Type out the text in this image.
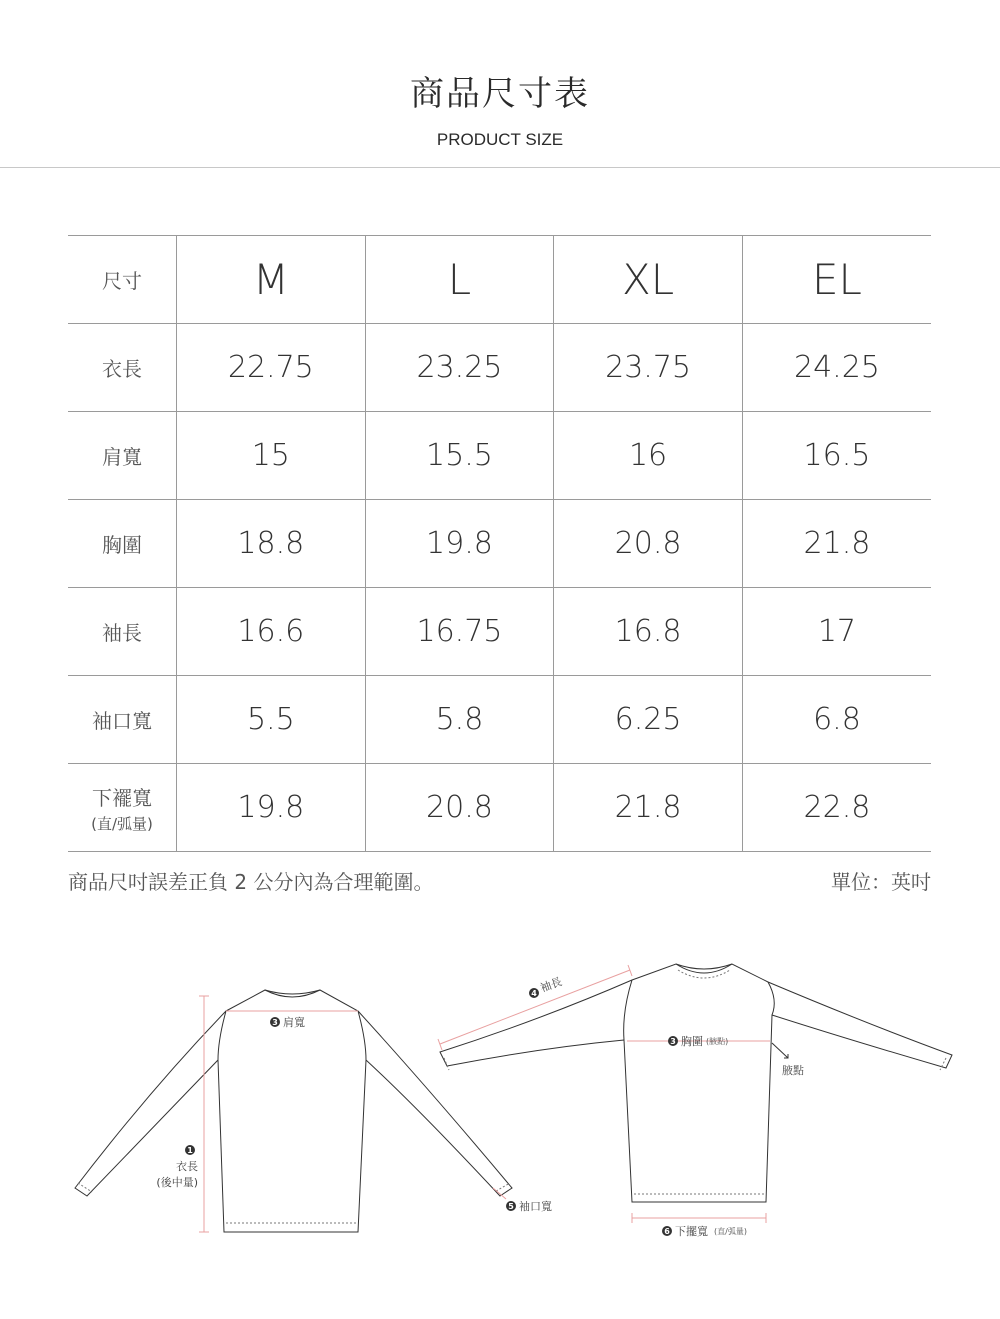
商品尺寸表
PRODUCT SIZE
尺寸	M	L	XL	EL
衣長	22.75	23.25	23.75	24.25
肩寬	15	15.5	16	16.5
胸圍	18.8	19.8	20.8	21.8
袖長	16.6	16.75	16.8	17
袖口寬	5.5	5.8	6.25	6.8
下襬寬
(直/弧量)	19.8	20.8	21.8	22.8
商品尺吋誤差正負 2 公分內為合理範圍。	單位：英吋
3 肩寬
1
衣長
(後中量)
5 袖口寬
4 袖長
3 胸圍 (腋點)
腋點
6 下擺寬 (直/弧量)
